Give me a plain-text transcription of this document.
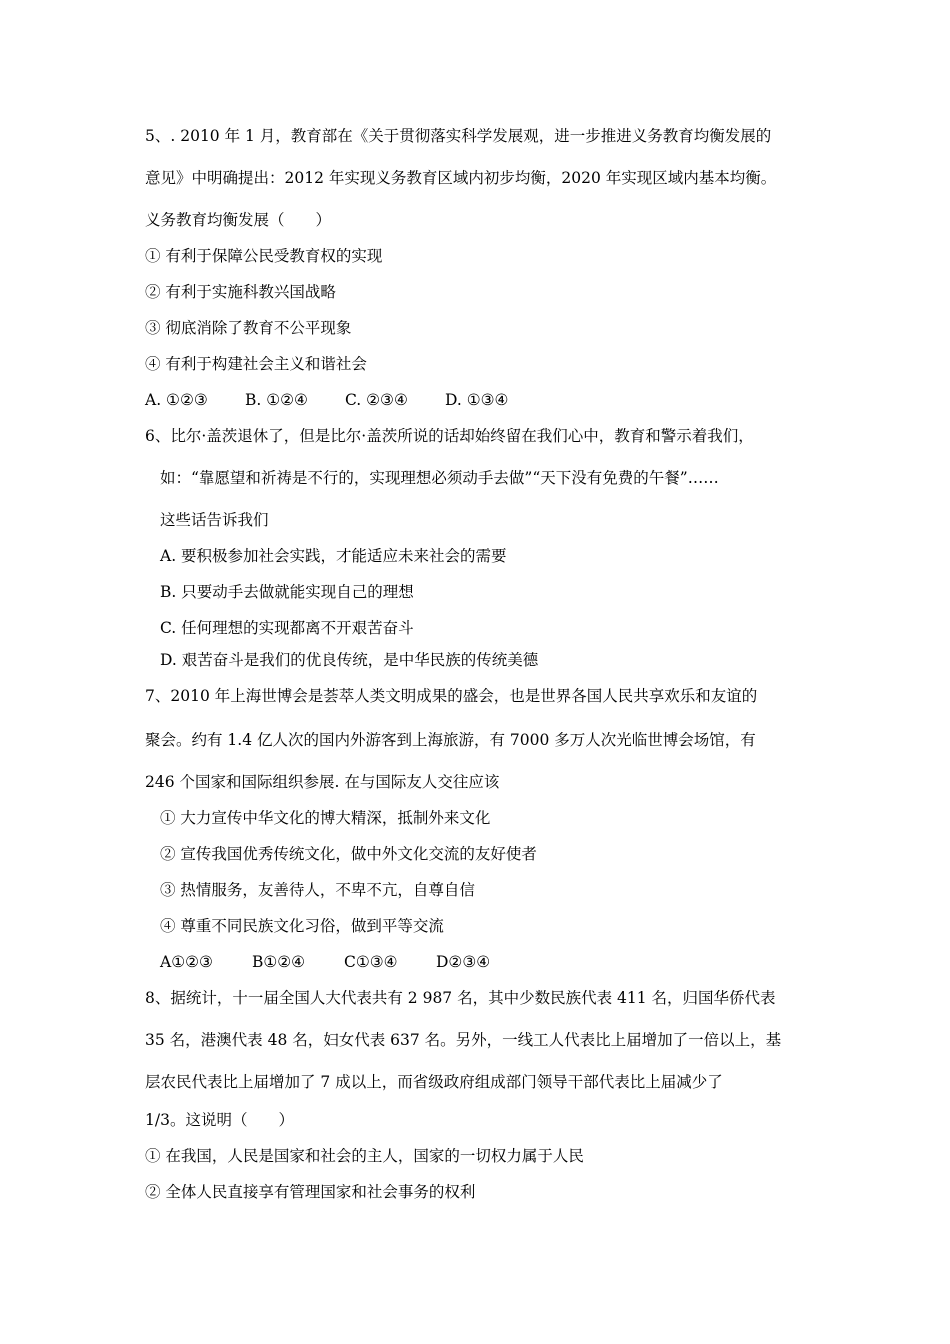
5、. 2010 年 1 月，教育部在《关于贯彻落实科学发展观，进一步推进义务教育均衡发展的
意见》中明确提出：2012 年实现义务教育区域内初步均衡，2020 年实现区域内基本均衡。
义务教育均衡发展（　　）
① 有利于保障公民受教育权的实现
② 有利于实施科教兴国战略
③ 彻底消除了教育不公平现象
④ 有利于构建社会主义和谐社会
A. ①②③ B. ①②④ C. ②③④ D. ①③④
6、比尔·盖茨退休了，但是比尔·盖茨所说的话却始终留在我们心中，教育和警示着我们，
如：“靠愿望和祈祷是不行的，实现理想必须动手去做”“天下没有免费的午餐”……
这些话告诉我们
A. 要积极参加社会实践，才能适应未来社会的需要
B. 只要动手去做就能实现自己的理想
C. 任何理想的实现都离不开艰苦奋斗
D. 艰苦奋斗是我们的优良传统，是中华民族的传统美德
7、2010 年上海世博会是荟萃人类文明成果的盛会，也是世界各国人民共享欢乐和友谊的
聚会。约有 1.4 亿人次的国内外游客到上海旅游，有 7000 多万人次光临世博会场馆，有
246 个国家和国际组织参展. 在与国际友人交往应该
① 大力宣传中华文化的博大精深，抵制外来文化
② 宣传我国优秀传统文化，做中外文化交流的友好使者
③ 热情服务，友善待人，不卑不亢，自尊自信
④ 尊重不同民族文化习俗，做到平等交流
A①②③	B①②④	C①③④ D②③④
8、据统计，十一届全国人大代表共有 2 987 名，其中少数民族代表 411 名，归国华侨代表
35 名，港澳代表 48 名，妇女代表 637 名。另外，一线工人代表比上届增加了一倍以上，基
层农民代表比上届增加了 7 成以上，而省级政府组成部门领导干部代表比上届减少了
1/3。这说明（　　）
① 在我国，人民是国家和社会的主人，国家的一切权力属于人民
② 全体人民直接享有管理国家和社会事务的权利
